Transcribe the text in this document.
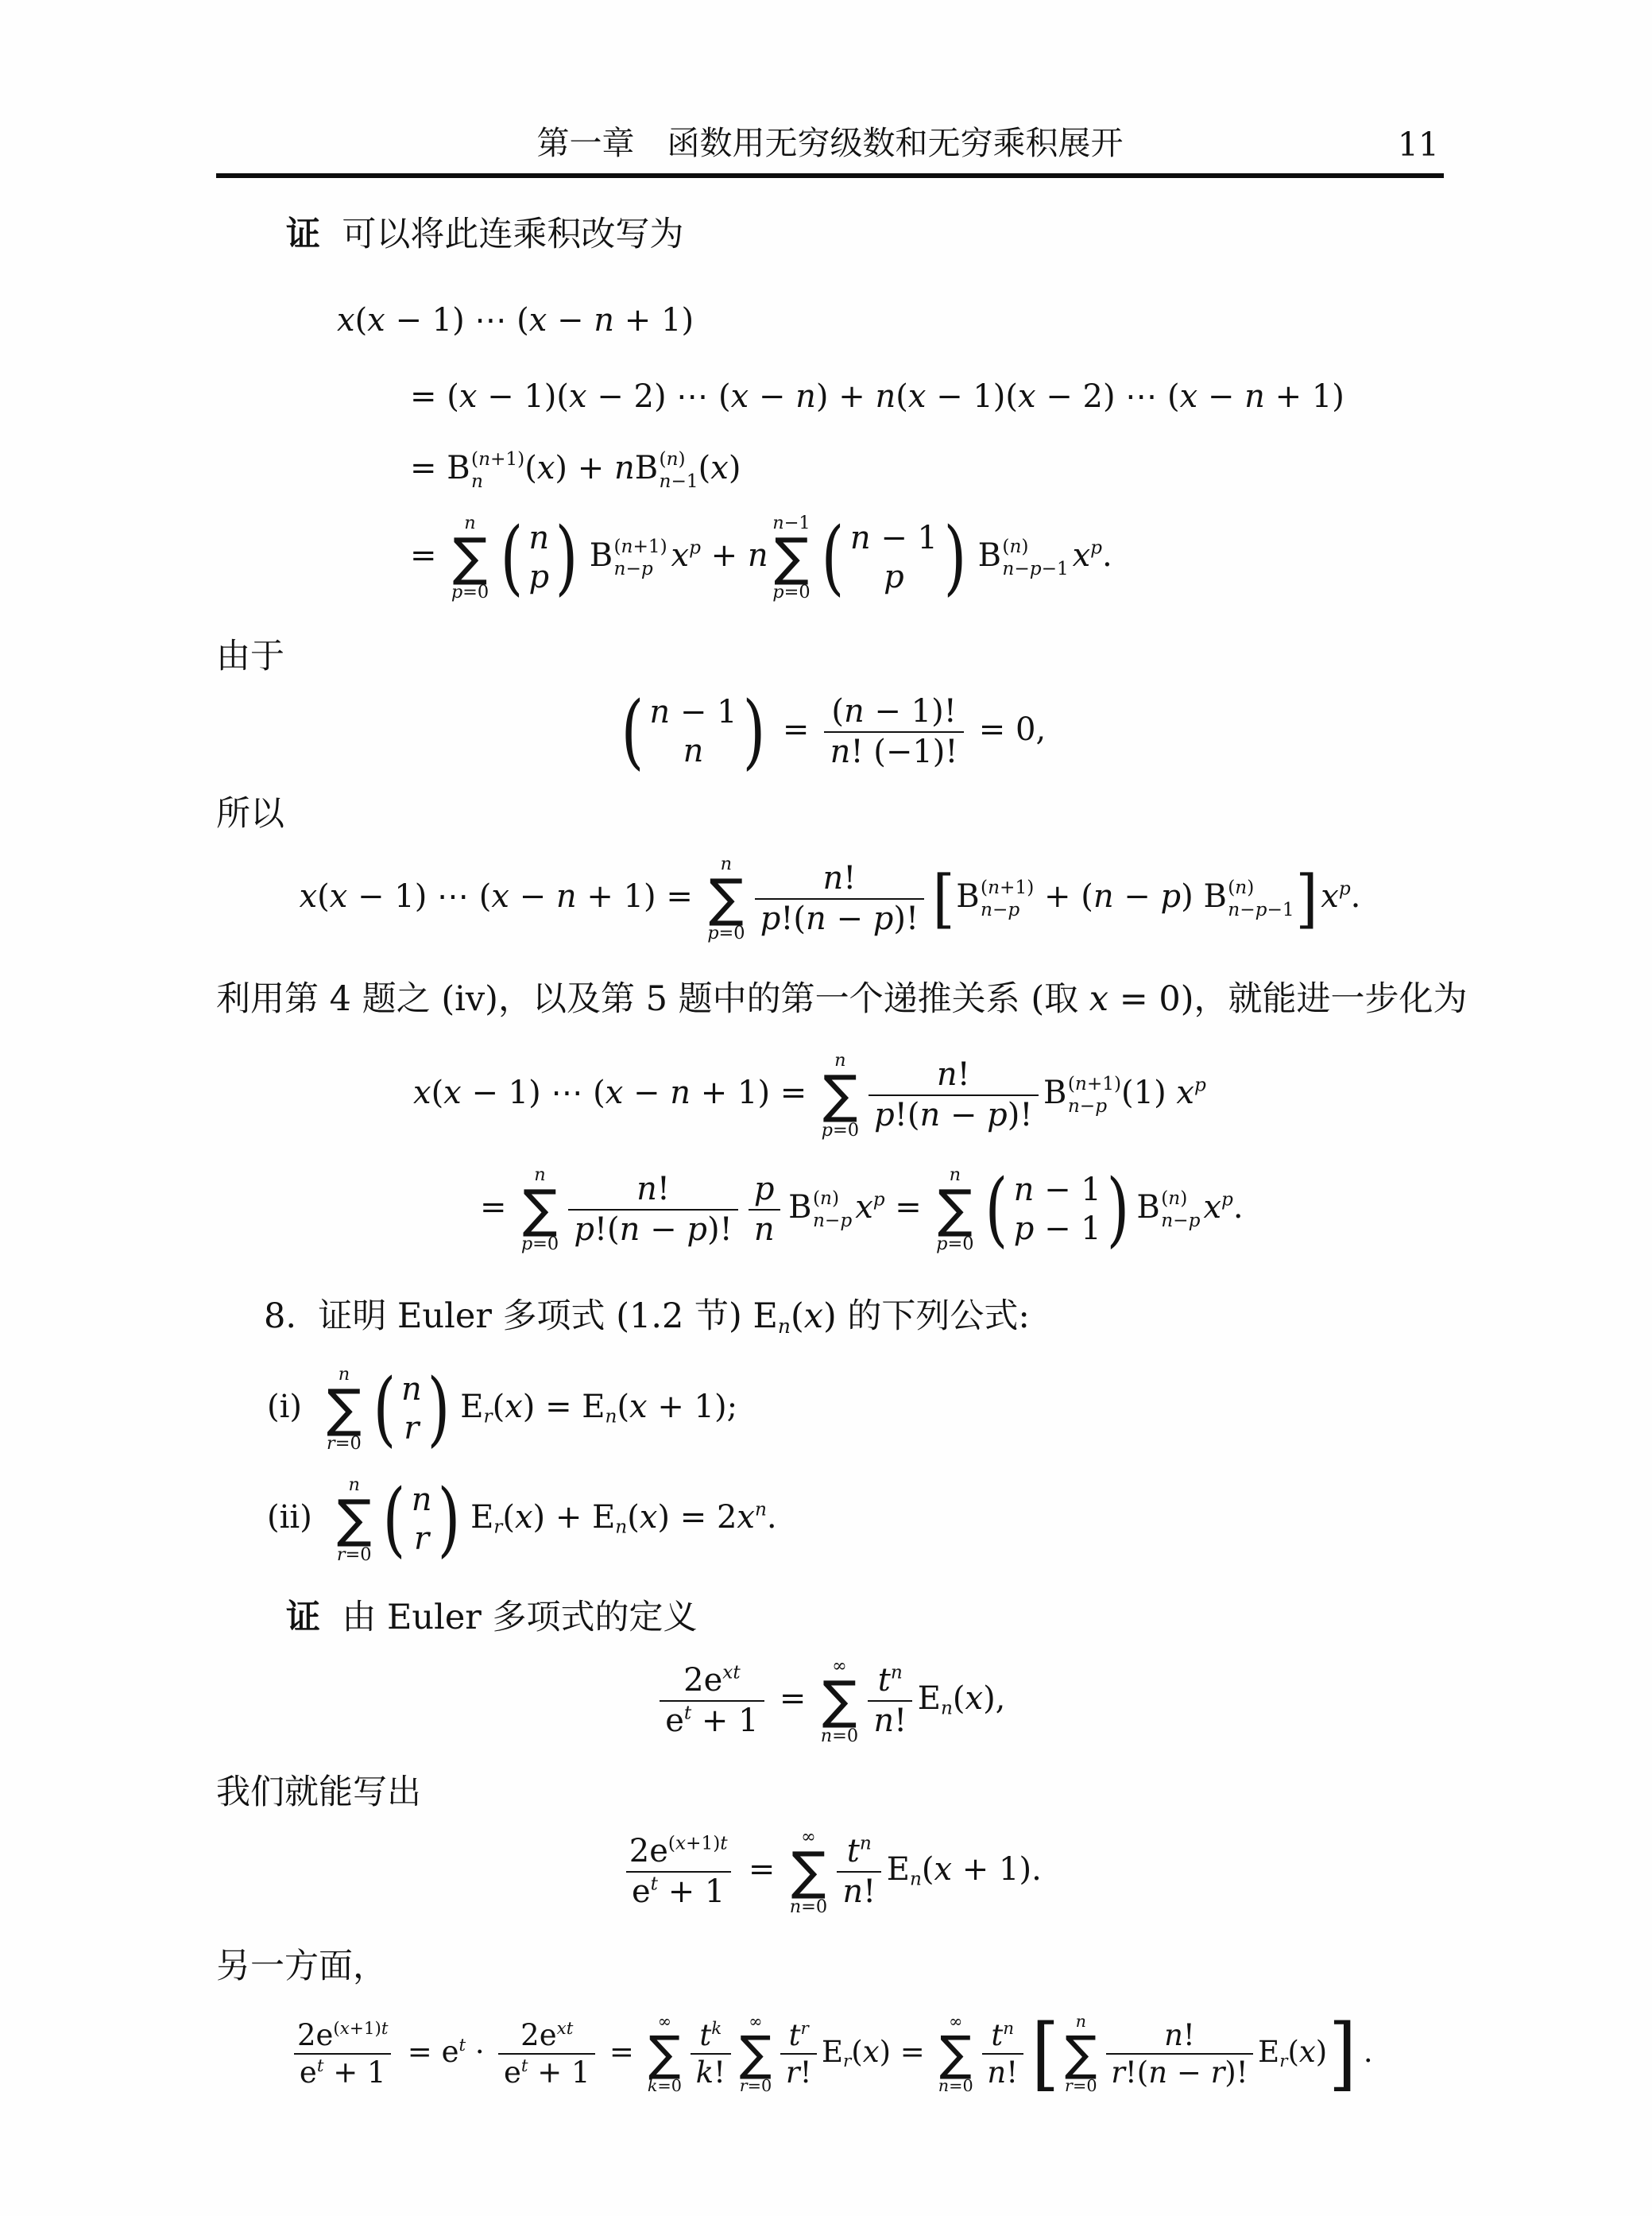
第一章　函数用无穷级数和无穷乘积展开	11

证  可以将此连乘积改写为

x(x − 1) ⋯ (x − n + 1)
= (x − 1)(x − 2) ⋯ (x − n) + n(x − 1)(x − 2) ⋯ (x − n + 1)
= B (n+1)
n (x) + nB (n)
n−1 (x)
=
n
∑
p=0 ( n
p ) B (n+1)
n−p $x^p + n$
n−1
∑
p=0 ( n − 1
p ) B (n)
n−p−1 $x^p$.

由于

( n − 1
n ) = $\frac{(n - 1)!}{n! (-1)!} = 0$,

所以

x(x − 1) ⋯ (x − n + 1) =
n
∑
$p=0 \frac{n!}{p!(n - p)!}$ [ B (n+1)
n−p + (n − p) B (n)
n−p−1 ] $x^p$.

利用第 4 题之 (iv)，以及第 5 题中的第一个递推关系 (取 x = 0)，就能进一步化为

x(x − 1) ⋯ (x − n + 1) =
n
∑
$p=0 \frac{n!}{p!(n - p)!}$ B (n+1)
n−p (1) $x^p$
=
n
∑
$p=0 \frac{n!}{p!(n - p)!} \frac{p}{n}$ B (n)
n−p $x^p$ =
n
∑
p=0 ( n − 1
p − 1 ) B (n)
n−p $x^p$.

8.  证明 Euler 多项式 (1.2 节) En(x) 的下列公式:

(i)
n
∑
r=0 ( n
r ) Er(x) = En(x + 1);
(ii)
n
∑
r=0 ( n
r ) $Er(x) + En(x) = 2x^n$.

证  由 Euler 多项式的定义

$2e^{xt}$
$e^t + 1$
=
∞
∑
$n=0 \frac{t^n}{n!} En(x)$,

我们就能写出

$\frac{2e^{(x+1)t}}{e^t + 1}$ =
∞
∑
$n=0 \frac{t^n}{n!} En(x + 1)$.

另一方面，

$\frac{2e^{(x+1)t}}{e^t + 1} = e^t \cdot 2e^{xt}$
$e^t + 1$
=
∞
∑
$k=0 \frac{t^k}{k!}$ ∞
∑
$r=0 \frac{t^r}{r!} Er(x)$ =
∞
∑
$n=0 \frac{t^n}{n!}$ [ n
∑
$r=0 \frac{n!}{r!(n - r)!} Er(x)$ ] .
